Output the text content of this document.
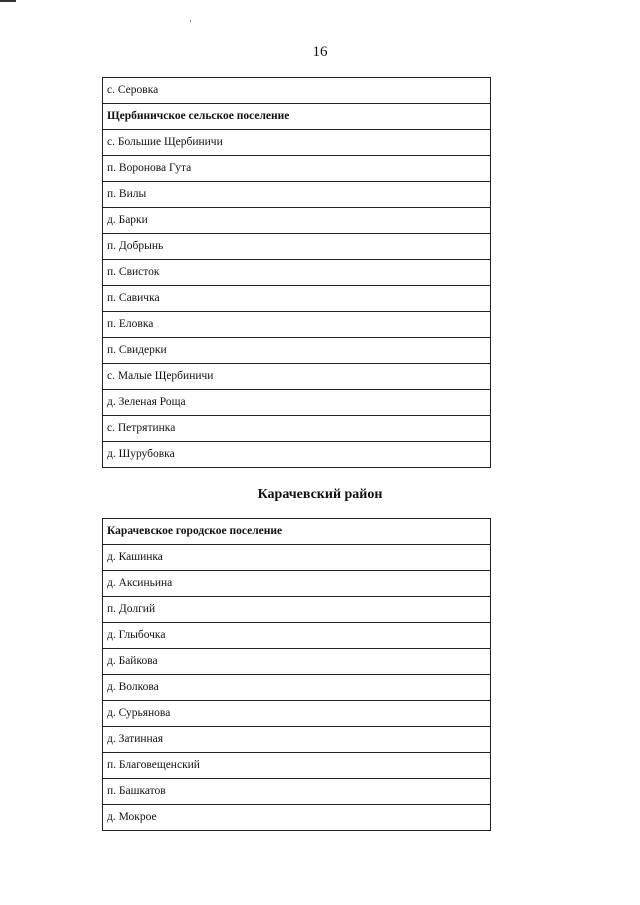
16
с. Серовка
Щербиничское сельское поселение
с. Большие Щербиничи
п. Воронова Гута
п. Вилы
д. Барки
п. Добрынь
п. Свисток
п. Савичка
п. Еловка
п. Свидерки
с. Малые Щербиничи
д. Зеленая Роща
с. Петрятинка
д. Шурубовка
Карачевский район
Карачевское городское поселение
д. Кашинка
д. Аксиньина
п. Долгий
д. Глыбочка
д. Байкова
д. Волкова
д. Сурьянова
д. Затинная
п. Благовещенский
п. Башкатов
д. Мокрое
